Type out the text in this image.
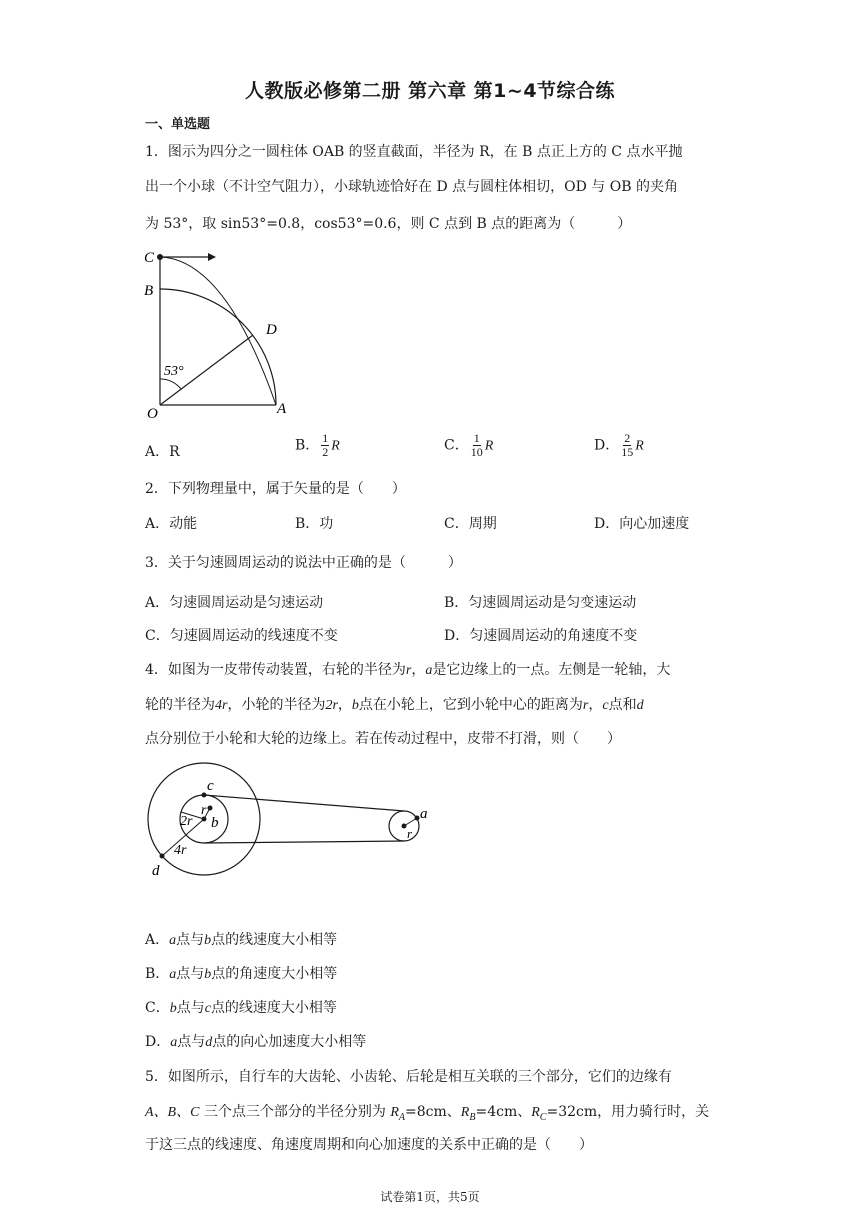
人教版必修第二册 第六章 第1~4节综合练
一、单选题
1．图示为四分之一圆柱体 OAB 的竖直截面，半径为 R，在 B 点正上方的 C 点水平抛
出一个小球（不计空气阻力），小球轨迹恰好在 D 点与圆柱体相切，OD 与 OB 的夹角
为 53°，取 sin53°=0.8，cos53°=0.6，则 C 点到 B 点的距离为（　　　）
C
B
D
O	A
53°
A．R	B． $\frac{1}{2}$ R	C． $\frac{1}{10}$ R	D． $\frac{2}{15}$ R
2．下列物理量中，属于矢量的是（　　）
A．动能	B．功	C．周期	D．向心加速度
3．关于匀速圆周运动的说法中正确的是（　　　）
A．匀速圆周运动是匀速运动	B．匀速圆周运动是匀变速运动
C．匀速圆周运动的线速度不变	D．匀速圆周运动的角速度不变
4．如图为一皮带传动装置，右轮的半径为r，a是它边缘上的一点。左侧是一轮轴，大
轮的半径为4r，小轮的半径为2r，b点在小轮上，它到小轮中心的距离为r，c点和d
点分别位于小轮和大轮的边缘上。若在传动过程中，皮带不打滑，则（　　）
c
r
2r b
4r
d
a
r
A．a点与b点的线速度大小相等
B．a点与b点的角速度大小相等
C．b点与c点的线速度大小相等
D．a点与d点的向心加速度大小相等
5．如图所示，自行车的大齿轮、小齿轮、后轮是相互关联的三个部分，它们的边缘有
A、B、C 三个点三个部分的半径分别为 $R_A=8cm$、$R_B=4cm$、$R_C=32cm$，用力骑行时，关
于这三点的线速度、角速度周期和向心加速度的关系中正确的是（　　）
试卷第1页，共5页
